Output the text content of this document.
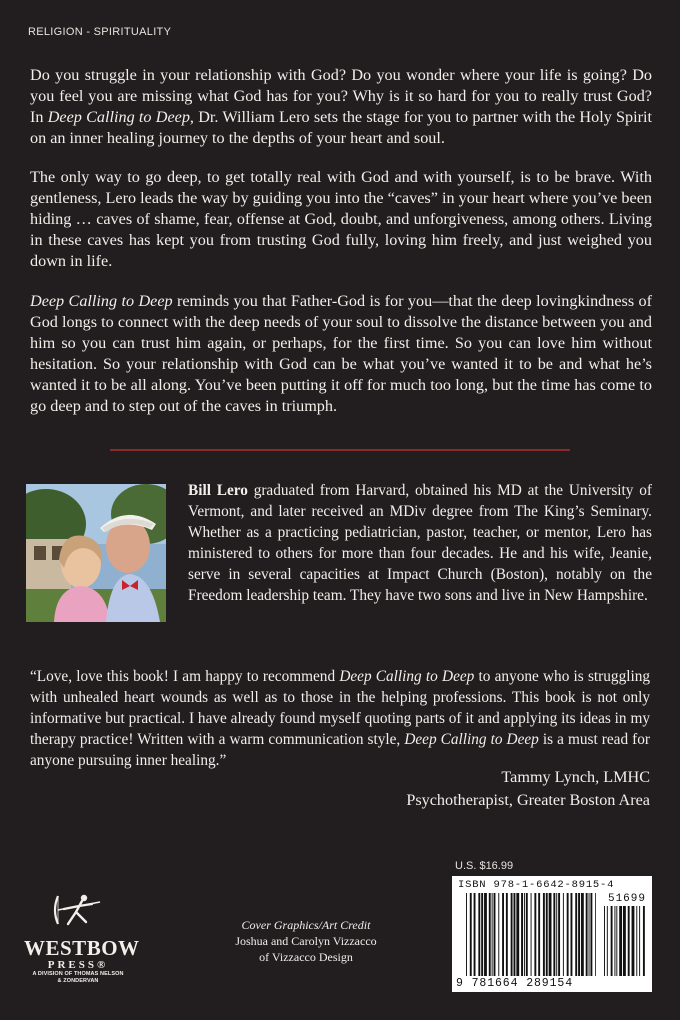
RELIGION - SPIRITUALITY

Do you struggle in your relationship with God? Do you wonder where your life is going? Do you feel you are missing what God has for you? Why is it so hard for you to really trust God? In Deep Calling to Deep, Dr. William Lero sets the stage for you to partner with the Holy Spirit on an inner healing journey to the depths of your heart and soul.

The only way to go deep, to get totally real with God and with yourself, is to be brave. With gentleness, Lero leads the way by guiding you into the “caves” in your heart where you’ve been hiding … caves of shame, fear, offense at God, doubt, and unforgiveness, among others. Living in these caves has kept you from trusting God fully, loving him freely, and just weighed you down in life.

Deep Calling to Deep reminds you that Father-God is for you—that the deep lovingkindness of God longs to connect with the deep needs of your soul to dissolve the distance between you and him so you can trust him again, or perhaps, for the first time. So you can love him without hesitation. So your relationship with God can be what you’ve wanted it to be and what he’s wanted it to be all along. You’ve been putting it off for much too long, but the time has come to go deep and to step out of the caves in triumph.

Bill Lero graduated from Harvard, obtained his MD at the University of Vermont, and later received an MDiv degree from The King’s Seminary. Whether as a practicing pediatrician, pastor, teacher, or mentor, Lero has ministered to others for more than four decades. He and his wife, Jeanie, serve in several capacities at Impact Church (Boston), notably on the Freedom leadership team. They have two sons and live in New Hampshire.

“Love, love this book! I am happy to recommend Deep Calling to Deep to anyone who is struggling with unhealed heart wounds as well as to those in the helping professions. This book is not only informative but practical. I have already found myself quoting parts of it and applying its ideas in my therapy practice! Written with a warm communication style, Deep Calling to Deep is a must read for anyone pursuing inner healing.”

Tammy Lynch, LMHC
Psychotherapist, Greater Boston Area
WESTBOW
PRESS®
A DIVISION OF THOMAS NELSON
& ZONDERVAN
Cover Graphics/Art Credit
Joshua and Carolyn Vizzacco
of Vizzacco Design
U.S. $16.99
ISBN 978-1-6642-8915-4
51699
9 781664 289154
